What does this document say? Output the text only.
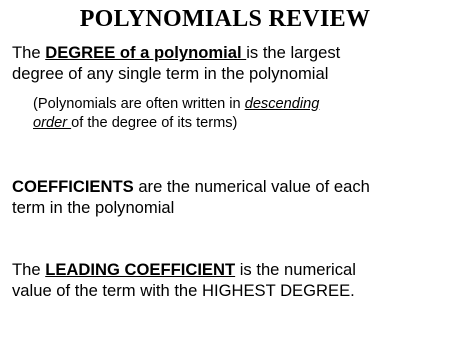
POLYNOMIALS REVIEW
The DEGREE of a polynomial is the largest
degree of any single term in the polynomial
(Polynomials are often written in descending
order of the degree of its terms)
COEFFICIENTS are the numerical value of each
term in the polynomial
The LEADING COEFFICIENT is the numerical
value of the term with the HIGHEST DEGREE.
